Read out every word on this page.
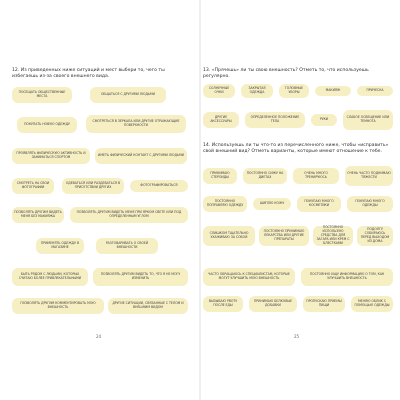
12. Из приведенных ниже ситуаций и мест выбери то, чего ты избегаешь из-за своего внешнего вида.
ПОСЕЩАТЬ ОБЩЕСТВЕННЫЕ МЕСТА	ОБЩАТЬСЯ С ДРУГИМИ ЛЮДЬМИ
ПОКУПАТЬ НОВУЮ ОДЕЖДУ
СМОТРЕТЬСЯ В ЗЕРКАЛА ИЛИ ДРУГИЕ ОТРАЖАЮЩИЕ ПОВЕРХНОСТИ
ПРОЯВЛЯТЬ ФИЗИЧЕСКУЮ АКТИВНОСТЬ И ЗАНИМАТЬСЯ СПОРТОМ	ИМЕТЬ ФИЗИЧЕСКИЙ КОНТАКТ С ДРУГИМИ ЛЮДЬМИ
СМОТРЕТЬ НА СВОИ ФОТОГРАФИИ
ОДЕВАТЬСЯ ИЛИ РАЗДЕВАТЬСЯ В ПРИСУТСТВИИ ДРУГИХ	ФОТОГРАФИРОВАТЬСЯ
ПОЗВОЛЯТЬ ДРУГИМ ВИДЕТЬ МЕНЯ БЕЗ МАКИЯЖА
ПОЗВОЛЯТЬ ДРУГИМ ВИДЕТЬ МЕНЯ ПРИ ЯРКОМ СВЕТЕ ИЛИ ПОД ОПРЕДЕЛЕННЫМ УГЛОМ
ПРИМЕНЯТЬ ОДЕЖДУ В МАГАЗИНЕ
РАЗГОВАРИВАТЬ О СВОЕЙ ВНЕШНОСТИ
БЫТЬ РЯДОМ С ЛЮДЬМИ, КОТОРЫХ СЧИТАЮ БОЛЕЕ ПРИВЛЕКАТЕЛЬНЫМИ
ПОЗВОЛЯТЬ ДРУГИМ ВИДЕТЬ ТО, ЧТО Я НЕ МОГУ ИЗМЕНИТЬ
ПОЗВОЛЯТЬ ДРУГИМ КОММЕНТИРОВАТЬ МОЮ ВНЕШНОСТЬ
ДРУГИЕ СИТУАЦИИ, СВЯЗАННЫЕ С ТЕЛОМ И ВНЕШНИМ ВИДОМ
24
13. «Прячешь» ли ты свою внешность? Отметь то, что используешь регулярно.
СОЛНЕЧНЫЕ ОЧКИ
ЗАКРЫТАЯ ОДЕЖДА
ГОЛОВНЫЕ УБОРЫ	МАКИЯЖ	ПРИЧЕСКА
ДРУГИЕ АКСЕССУАРЫ
ОПРЕДЕЛЕННОЕ ПОЛОЖЕНИЕ ТЕЛА	РУКИ	СЛАБОЕ ОСВЕЩЕНИЕ ИЛИ ТЕМНОТА
14. Используешь ли ты что-то из перечисленного ниже, чтобы «исправить» свой внешний вид? Отметь варианты, которые имеют отношение к тебе.
ПРИНИМАЮ СТЕРОИДЫ
ПОСТОЯННО СИЖУ НА ДИЕТАХ
ОЧЕНЬ МНОГО ТРЕНИРУЮСЬ
ОЧЕНЬ ЧАСТО ПОДНИМАЮ ТЯЖЕСТИ
ПОСТОЯННО ПОПРАВЛЯЮ ОДЕЖДУ	ШИПЛЮ КОЖУ	ПОКУПАЮ МНОГО КОСМЕТИКИ
ПОКУПАЮ МНОГО ОДЕЖДЫ
СЛИШКОМ ТЩАТЕЛЬНО УХАЖИВАЮ ЗА СОБОЙ
ПОСТОЯННО ПРИНИМАЮ ЛЕКАРСТВА ИЛИ ДРУГИЕ ПРЕПАРАТЫ
ПОСТОЯННО ИСПОЛЬЗУЮ СРЕДСТВА ДЛЯ ЗАГАРА ИЛИ КРЕМ С БЛЕСТКАМИ
ПОДОЛГУ СОБИРАЮСЬ ПЕРЕД ВЫХОДОМ ИЗ ДОМА
ЧАСТО ОБРАЩАЮСЬ К СПЕЦИАЛИСТАМ, КОТОРЫЕ МОГУТ УЛУЧШИТЬ МОЮ ВНЕШНОСТЬ
ПОСТОЯННО ИЩУ ИНФОРМАЦИЮ О ТОМ, КАК УЛУЧШИТЬ ВНЕШНОСТЬ
ВЫЗЫВАЮ РВОТУ ПОСЛЕ ЕДЫ
ПРИНИМАЮ БЕЛКОВЫЕ ДОБАВКИ
ПРОПУСКАЮ ПРИЕМЫ ПИЩИ
МЕНЯЮ ОБЛИК С ПОМОЩЬЮ ОДЕЖДЫ
25
